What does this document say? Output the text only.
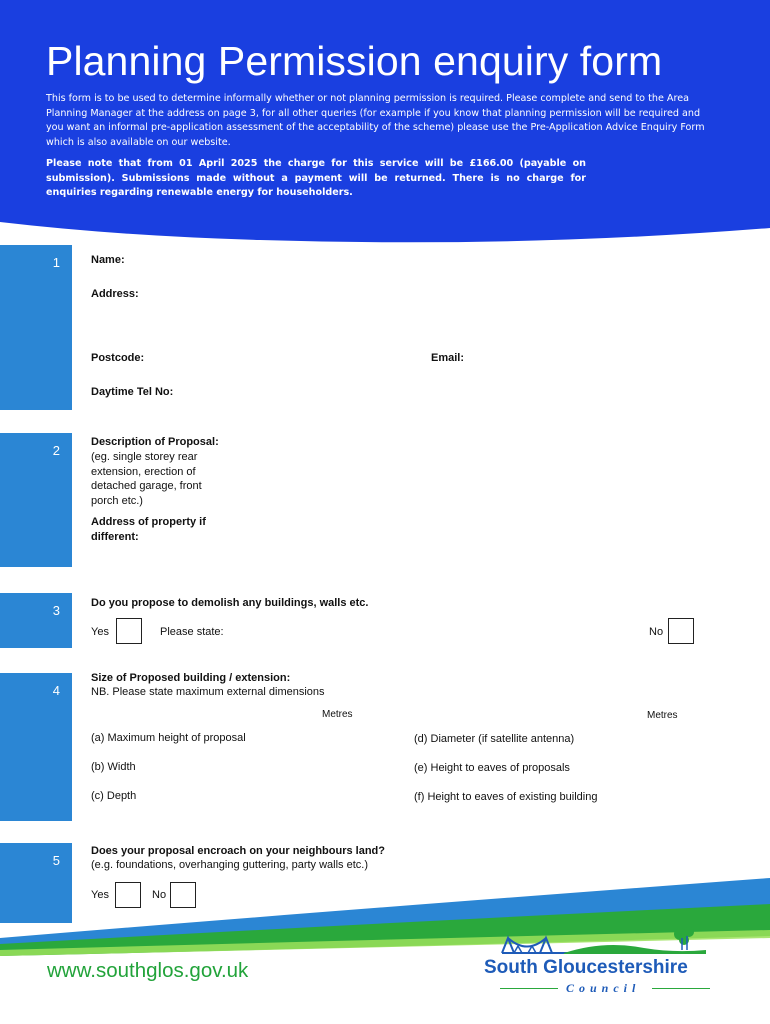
Planning Permission enquiry form

This form is to be used to determine informally whether or not planning permission is required. Please complete and send to the Area Planning Manager at the address on page 3, for all other queries (for example if you know that planning permission will be required and you want an informal pre-application assessment of the acceptability of the scheme) please use the Pre-Application Advice Enquiry Form which is also available on our website.

Please note that from 01 April 2025 the charge for this service will be £166.00 (payable on submission). Submissions made without a payment will be returned. There is no charge for enquiries regarding renewable energy for householders.

1	Name:
Address:
Postcode:	Email:
Daytime Tel No:
2
Description of Proposal:
(eg. single storey rear extension, erection of detached garage, front porch etc.)
Address of property if different:
3	Do you propose to demolish any buildings, walls etc.
Yes	Please state:	No
4
Size of Proposed building / extension:
NB. Please state maximum external dimensions
Metres	Metres
(a) Maximum height of proposal
(b) Width
(c) Depth
(d) Diameter (if satellite antenna)
(e) Height to eaves of proposals
(f) Height to eaves of existing building
5
Does your proposal encroach on your neighbours land?
(e.g. foundations, overhanging guttering, party walls etc.)
Yes	No
www.southglos.gov.uk	South Gloucestershire
Council
